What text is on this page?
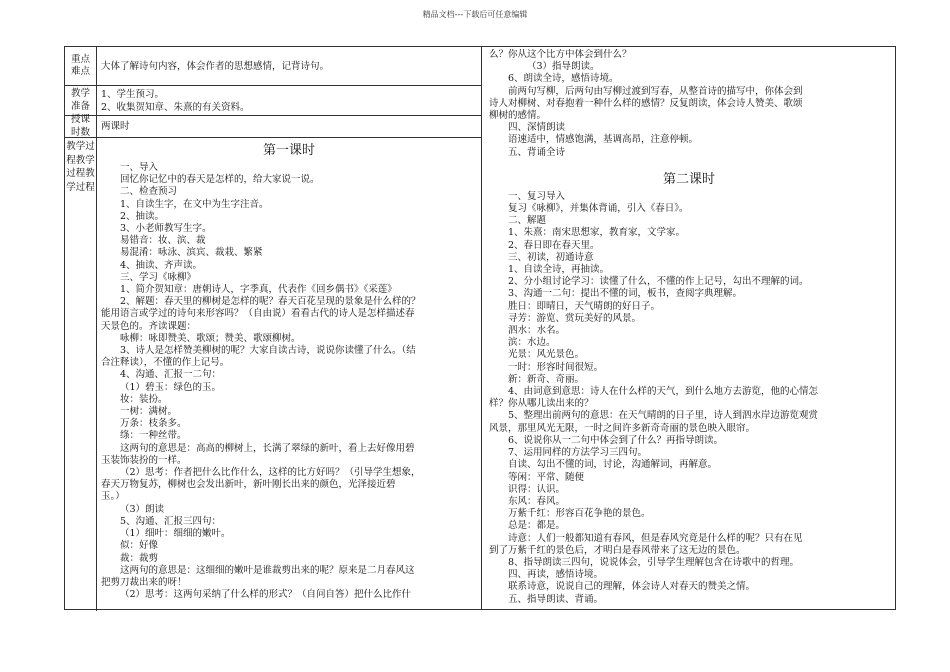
精品文档---下载后可任意编辑
重点难点	大体了解诗句内容，体会作者的思想感情，记背诗句。
教学准备
1、学生预习。
2、收集贺知章、朱熹的有关资料。
授课时数	两课时
教学过程教学过程教学过程
第一课时
一、导入
回忆你记忆中的春天是怎样的，给大家说一说。
二、检查预习
1、自读生字，在文中为生字注音。
2、抽读。
3、小老师教写生字。
易错音：妆、滨、裁
易混淆：咏泳、滨宾、裁栽、繁紧
4、抽读、齐声读。
三、学习《咏柳》
1、简介贺知章：唐朝诗人，字季真，代表作《回乡偶书》《采莲》
2、解题：春天里的柳树是怎样的呢？春天百花呈现的景象是什么样的？
能用语言或学过的诗句来形容吗？（自由说）看看古代的诗人是怎样描述春
天景色的。齐读课题：
咏柳：咏即赞美、歌颂；赞美、歌颂柳树。
3、诗人是怎样赞美柳树的呢？大家自读古诗，说说你读懂了什么。（结
合注释读），不懂的作上记号。
4、沟通、汇报一二句：
（1）碧玉：绿色的玉。
妆：装扮。
一树：满树。
万条：枝条多。
绦：一种丝带。
这两句的意思是：高高的柳树上，长满了翠绿的新叶，看上去好像用碧
玉装饰装扮的一样。
（2）思考：作者把什么比作什么，这样的比方好吗？（引导学生想象，
春天万物复苏，柳树也会发出新叶，新叶刚长出来的颜色，光泽接近碧
玉。）
（3）朗读
5、沟通、汇报三四句：
（1）细叶：细细的嫩叶。
似：好像
裁：裁剪
这两句的意思是：这细细的嫩叶是谁裁剪出来的呢？原来是二月春风这
把剪刀裁出来的呀！
（2）思考：这两句采纳了什么样的形式？（自问自答）把什么比作什
么？你从这个比方中体会到什么？
（3）指导朗读。
6、朗读全诗，感悟诗境。
前两句写柳，后两句由写柳过渡到写春，从整首诗的描写中，你体会到
诗人对柳树、对春抱着一种什么样的感情？反复朗读，体会诗人赞美、歌颂
柳树的感情。
四、深情朗读
语速适中，情感饱满，基调高昂，注意停顿。
五、背诵全诗
第二课时
一、复习导入
复习《咏柳》，并集体背诵，引入《春日》。
二、解题
1、朱熹：南宋思想家，教育家，文学家。
2、春日即在春天里。
三、初读，初通诗意
1、自读全诗，再抽读。
2、分小组讨论学习：读懂了什么，不懂的作上记号，勾出不理解的词。
3、沟通一二句：提出不懂的词，板书，查阅字典理解。
胜日：即晴日，天气晴朗的好日子。
寻芳：游览、赏玩美好的风景。
泗水：水名。
滨：水边。
光景：风光景色。
一时：形容时间很短。
新：新奇、奇丽。
4、由词意到意思：诗人在什么样的天气，到什么地方去游览，他的心情怎
样？你从哪儿读出来的？
5、整理出前两句的意思：在天气晴朗的日子里，诗人到泗水岸边游览观赏
风景，那里风光无限，一时之间许多新奇奇丽的景色映入眼帘。
6、说说你从一二句中体会到了什么？再指导朗读。
7、运用同样的方法学习三四句。
自读、勾出不懂的词，讨论，沟通解词，再解意。
等闲：平常、随便
识得：认识。
东风：春风。
万紫千红：形容百花争艳的景色。
总是：都是。
诗意：人们一般都知道有春风，但是春风究竟是什么样的呢？只有在见
到了万紫千红的景色后，才明白是春风带来了这无边的景色。
8、指导朗读三四句，说说体会，引导学生理解包含在诗歌中的哲理。
四、再读，感悟诗境。
联系诗意，说说自己的理解，体会诗人对春天的赞美之情。
五、指导朗读、背诵。
